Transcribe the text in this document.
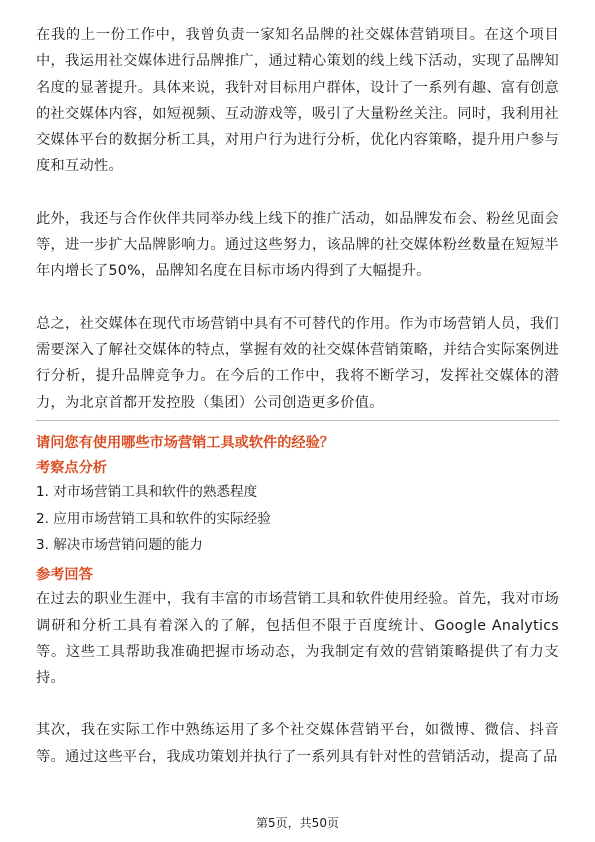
在我的上一份工作中，我曾负责一家知名品牌的社交媒体营销项目。在这个项目中，我运用社交媒体进行品牌推广，通过精心策划的线上线下活动，实现了品牌知名度的显著提升。具体来说，我针对目标用户群体，设计了一系列有趣、富有创意的社交媒体内容，如短视频、互动游戏等，吸引了大量粉丝关注。同时，我利用社交媒体平台的数据分析工具，对用户行为进行分析，优化内容策略，提升用户参与度和互动性。

此外，我还与合作伙伴共同举办线上线下的推广活动，如品牌发布会、粉丝见面会等，进一步扩大品牌影响力。通过这些努力，该品牌的社交媒体粉丝数量在短短半年内增长了50%，品牌知名度在目标市场内得到了大幅提升。

总之，社交媒体在现代市场营销中具有不可替代的作用。作为市场营销人员，我们需要深入了解社交媒体的特点，掌握有效的社交媒体营销策略，并结合实际案例进行分析，提升品牌竞争力。在今后的工作中，我将不断学习，发挥社交媒体的潜力，为北京首都开发控股（集团）公司创造更多价值。

请问您有使用哪些市场营销工具或软件的经验？
考察点分析
1. 对市场营销工具和软件的熟悉程度
2. 应用市场营销工具和软件的实际经验
3. 解决市场营销问题的能力
参考回答

在过去的职业生涯中，我有丰富的市场营销工具和软件使用经验。首先，我对市场调研和分析工具有着深入的了解，包括但不限于百度统计、Google Analytics等。这些工具帮助我准确把握市场动态，为我制定有效的营销策略提供了有力支持。

其次，我在实际工作中熟练运用了多个社交媒体营销平台，如微博、微信、抖音等。通过这些平台，我成功策划并执行了一系列具有针对性的营销活动，提高了品

第5页，共50页
